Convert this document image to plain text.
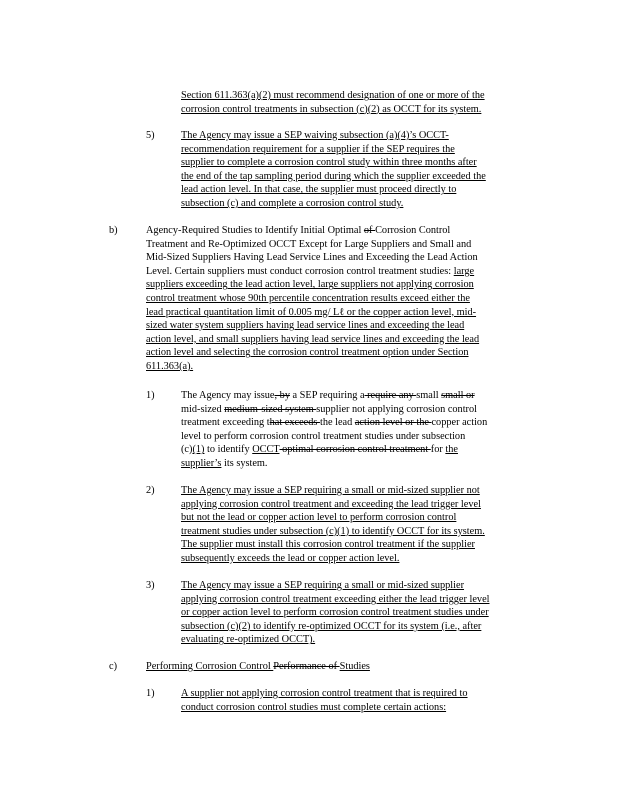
Section 611.363(a)(2) must recommend designation of one or more of the
corrosion control treatments in subsection (c)(2) as OCCT for its system.
5)	The Agency may issue a SEP waiving subsection (a)(4)’s OCCT-
recommendation requirement for a supplier if the SEP requires the
supplier to complete a corrosion control study within three months after
the end of the tap sampling period during which the supplier exceeded the
lead action level. In that case, the supplier must proceed directly to
subsection (c) and complete a corrosion control study.
b)	Agency-Required Studies to Identify Initial Optimal of Corrosion Control
Treatment and Re-Optimized OCCT Except for Large Suppliers and Small and
Mid-Sized Suppliers Having Lead Service Lines and Exceeding the Lead Action
Level. Certain suppliers must conduct corrosion control treatment studies: large
suppliers exceeding the lead action level, large suppliers not applying corrosion
control treatment whose 90th percentile concentration results exceed either the
lead practical quantitation limit of 0.005 mg/ Lℓ or the copper action level, mid-
sized water system suppliers having lead service lines and exceeding the lead
action level, and small suppliers having lead service lines and exceeding the lead
action level and selecting the corrosion control treatment option under Section
611.363(a).
1)	The Agency may issue, by a SEP requiring a require any small small or
mid-sized medium-sized system supplier not applying corrosion control
treatment exceeding that exceeds the lead action level or the copper action
level to perform corrosion control treatment studies under subsection
(c)(1) to identify OCCT optimal corrosion control treatment for the
supplier’s its system.
2)	The Agency may issue a SEP requiring a small or mid-sized supplier not
applying corrosion control treatment and exceeding the lead trigger level
but not the lead or copper action level to perform corrosion control
treatment studies under subsection (c)(1) to identify OCCT for its system.
The supplier must install this corrosion control treatment if the supplier
subsequently exceeds the lead or copper action level.
3)	The Agency may issue a SEP requiring a small or mid-sized supplier
applying corrosion control treatment exceeding either the lead trigger level
or copper action level to perform corrosion control treatment studies under
subsection (c)(2) to identify re-optimized OCCT for its system (i.e., after
evaluating re-optimized OCCT).
c)	Performing Corrosion Control Performance of Studies
1)	A supplier not applying corrosion control treatment that is required to
conduct corrosion control studies must complete certain actions:
